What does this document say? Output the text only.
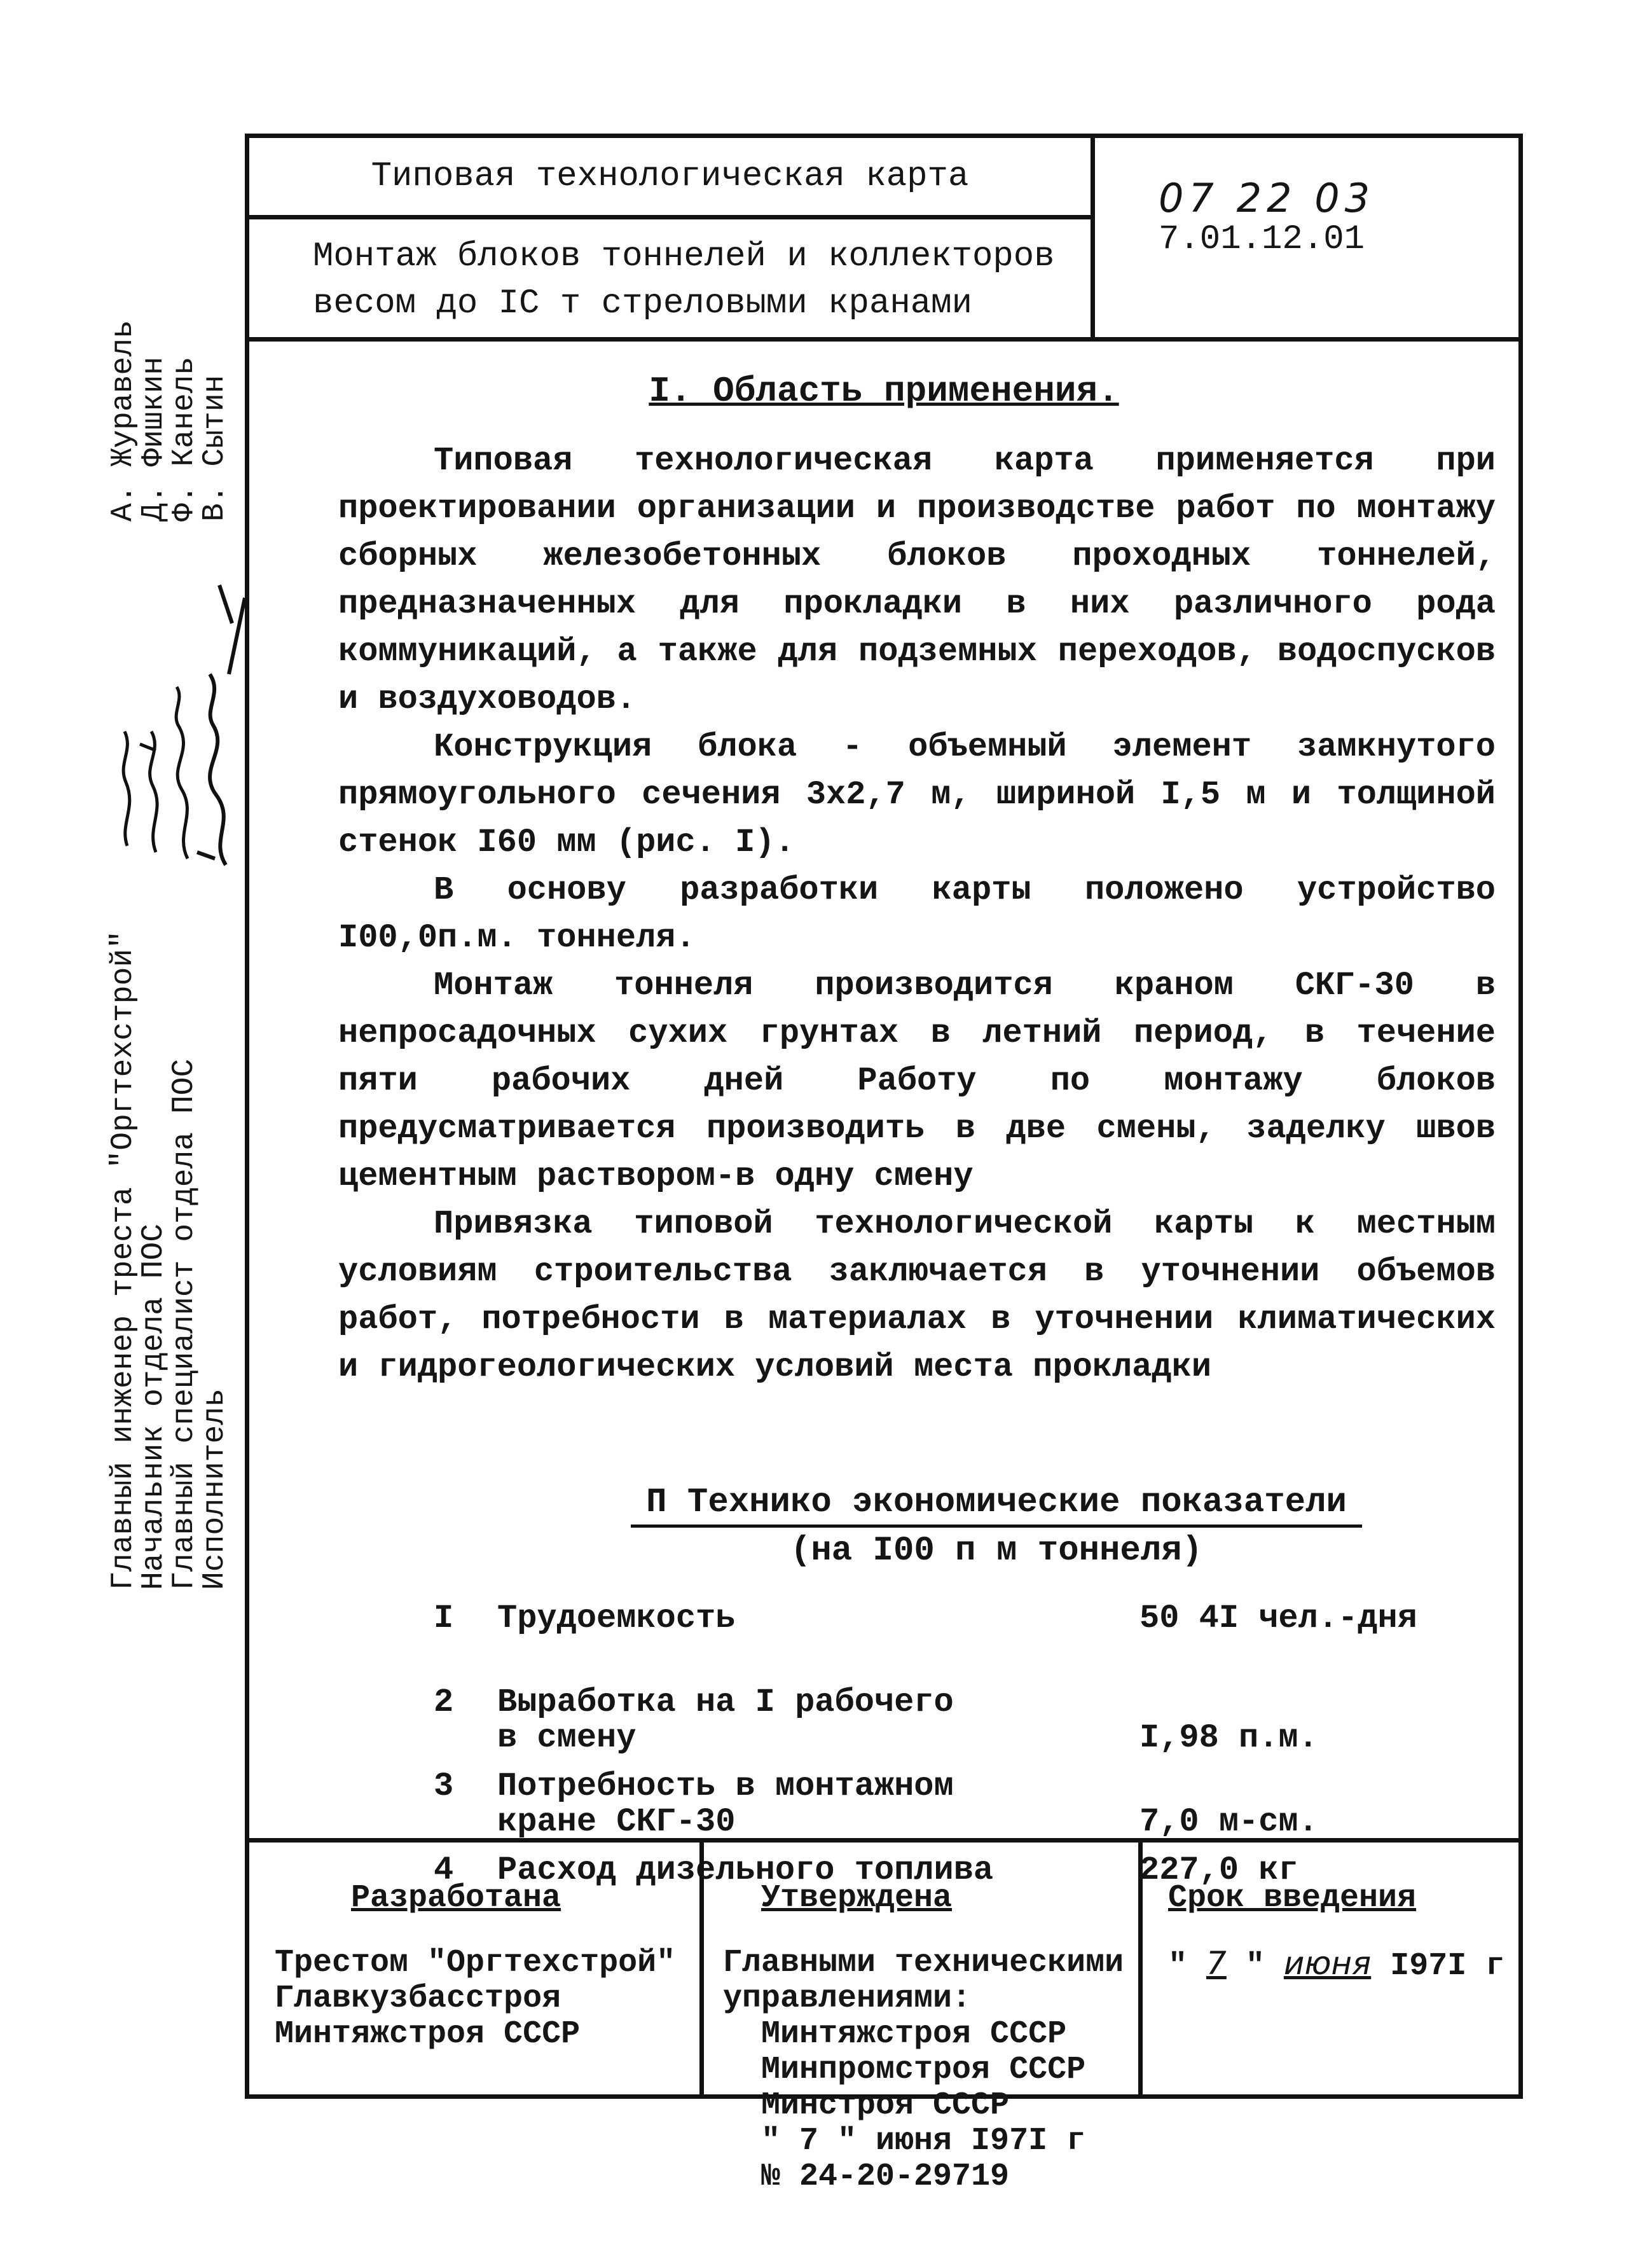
Главный инженер треста "Оргтехстрой"
Начальник отдела ПОС
Главный специалист отдела ПОС
Исполнитель
А. Журавель
Д. Фишкин
Ф. Канель
В. Сытин
Типовая технологическая карта
Монтаж блоков тоннелей и коллекторов
весом до IC т стреловыми кранами
07 22 03
7.01.12.01
I. Область применения.

Типовая технологическая карта применяется при проектировании организации и производстве работ по монтажу сборных железобетонных блоков проходных тоннелей, предназначенных для прокладки в них различного рода коммуникаций, а также для подземных переходов, водоспусков и воздуховодов.

Конструкция блока - объемный элемент замкнутого прямоугольного сечения 3х2,7 м, шириной I,5 м и толщиной стенок I60 мм (рис. I).

В основу разработки карты положено устройство I00,0п.м. тоннеля.

Монтаж тоннеля производится краном СКГ-30 в непросадочных сухих грунтах в летний период, в течение пяти рабочих дней Работу по монтажу блоков предусматривается производить в две смены, заделку швов цементным раствором-в одну смену

Привязка типовой технологической карты к местным условиям строительства заключается в уточнении объемов работ, потребности в материалах в уточнении климатических и гидрогеологических условий места прокладки

П Технико экономические показатели
(на I00 п м тоннеля)
I	Трудоемкость	50 4I чел.-дня
2	Выработка на I рабочего
в смену	I,98 п.м.
3	Потребность в монтажном
кране СКГ-30	7,0 м-см.
4	Расход дизельного топлива	227,0 кг
Разработана
Трестом "Оргтехстрой"
Главкузбасстроя
Минтяжстроя СССР
Утверждена
Главными техническими
управлениями:
Минтяжстроя СССР
Минпромстроя СССР
Минстроя СССР
" 7 " июня I97I г
№ 24-20-29719
Срок введения
" 7 " июня I97I г
